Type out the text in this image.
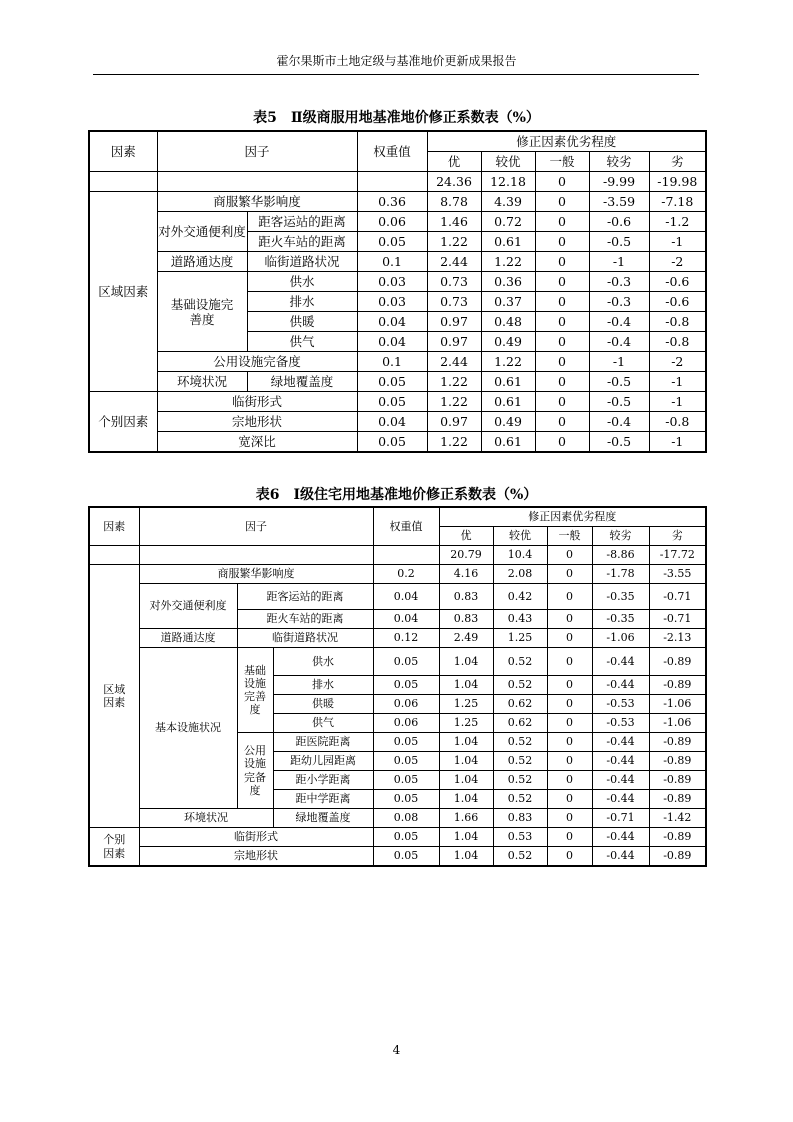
霍尔果斯市土地定级与基准地价更新成果报告
表5　Ⅱ级商服用地基准地价修正系数表（%）
因素	因子		权重值	修正因素优劣程度				
				优	较优	一般	较劣	劣
				24.36	12.18	0	-9.99	-19.98
区域因素	商服繁华影响度		0.36	8.78	4.39	0	-3.59	-7.18
	对外交通便利度	距客运站的距离	0.06	1.46	0.72	0	-0.6	-1.2
		距火车站的距离	0.05	1.22	0.61	0	-0.5	-1
	道路通达度	临街道路状况	0.1	2.44	1.22	0	-1	-2
	基础设施完善度	供水	0.03	0.73	0.36	0	-0.3	-0.6
		排水	0.03	0.73	0.37	0	-0.3	-0.6
		供暖	0.04	0.97	0.48	0	-0.4	-0.8
		供气	0.04	0.97	0.49	0	-0.4	-0.8
	公用设施完备度		0.1	2.44	1.22	0	-1	-2
	环境状况	绿地覆盖度	0.05	1.22	0.61	0	-0.5	-1
个别因素	临街形式		0.05	1.22	0.61	0	-0.5	-1
	宗地形状		0.04	0.97	0.49	0	-0.4	-0.8
	宽深比		0.05	1.22	0.61	0	-0.5	-1
表6　Ⅰ级住宅用地基准地价修正系数表（%）
因素	因子			权重值	修正因素优劣程度				
					优	较优	一般	较劣	劣
					20.79	10.4	0	-8.86	-17.72
区域
因素	商服繁华影响度			0.2	4.16	2.08	0	-1.78	-3.55
	对外交通便利度	距客运站的距离		0.04	0.83	0.42	0	-0.35	-0.71
		距火车站的距离		0.04	0.83	0.43	0	-0.35	-0.71
	道路通达度	临街道路状况		0.12	2.49	1.25	0	-1.06	-2.13
	基本设施状况	基础
设施
完善
度	供水	0.05	1.04	0.52	0	-0.44	-0.89
			排水	0.05	1.04	0.52	0	-0.44	-0.89
			供暖	0.06	1.25	0.62	0	-0.53	-1.06
			供气	0.06	1.25	0.62	0	-0.53	-1.06
		公用
设施
完备
度	距医院距离	0.05	1.04	0.52	0	-0.44	-0.89
			距幼儿园距离	0.05	1.04	0.52	0	-0.44	-0.89
			距小学距离	0.05	1.04	0.52	0	-0.44	-0.89
			距中学距离	0.05	1.04	0.52	0	-0.44	-0.89
	环境状况		绿地覆盖度	0.08	1.66	0.83	0	-0.71	-1.42
个别
因素	临街形式			0.05	1.04	0.53	0	-0.44	-0.89
	宗地形状			0.05	1.04	0.52	0	-0.44	-0.89
4
